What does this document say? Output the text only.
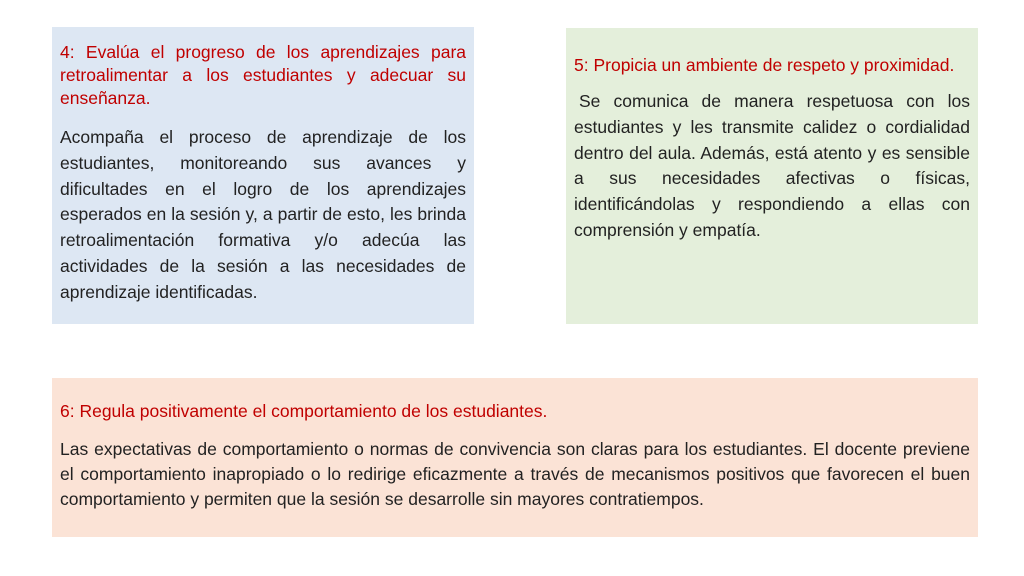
4: Evalúa el progreso de los aprendizajes para retroalimentar a los estudiantes y adecuar su enseñanza.

Acompaña el proceso de aprendizaje de los estudiantes, monitoreando sus avances y dificultades en el logro de los aprendizajes esperados en la sesión y, a partir de esto, les brinda retroalimentación formativa y/o adecúa las actividades de la sesión a las necesidades de aprendizaje identificadas.

5: Propicia un ambiente de respeto y proximidad.

Se comunica de manera respetuosa con los estudiantes y les transmite calidez o cordialidad dentro del aula. Además, está atento y es sensible a sus necesidades afectivas o físicas, identificándolas y respondiendo a ellas con comprensión y empatía.

6: Regula positivamente el comportamiento de los estudiantes.

Las expectativas de comportamiento o normas de convivencia son claras para los estudiantes. El docente previene el comportamiento inapropiado o lo redirige eficazmente a través de mecanismos positivos que favorecen el buen comportamiento y permiten que la sesión se desarrolle sin mayores contratiempos.
